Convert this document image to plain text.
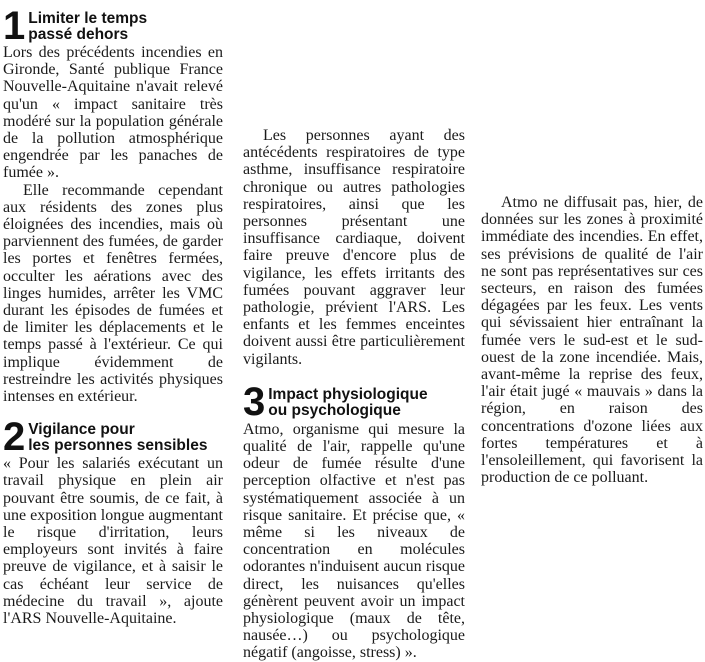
1 Limiter le temps
passé dehors

Lors des précédents incendies en Gironde, Santé publique France Nouvelle-Aquitaine n'avait relevé qu'un « impact sanitaire très modéré sur la population générale de la pollution atmosphérique engendrée par les panaches de fumée ».

Elle recommande cependant aux résidents des zones plus éloignées des incendies, mais où parviennent des fumées, de garder les portes et fenêtres fermées, occulter les aérations avec des linges humides, arrêter les VMC durant les épisodes de fumées et de limiter les déplacements et le temps passé à l'extérieur. Ce qui implique évidemment de restreindre les activités physiques intenses en extérieur.

2 Vigilance pour
les personnes sensibles

« Pour les salariés exécutant un travail physique en plein air pouvant être soumis, de ce fait, à une exposition longue augmentant le risque d'irritation, leurs employeurs sont invités à faire preuve de vigilance, et à saisir le cas échéant leur service de médecine du travail », ajoute l'ARS Nouvelle-Aquitaine.

Les personnes ayant des antécédents respiratoires de type asthme, insuffisance respiratoire chronique ou autres pathologies respiratoires, ainsi que les personnes présentant une insuffisance cardiaque, doivent faire preuve d'encore plus de vigilance, les effets irritants des fumées pouvant aggraver leur pathologie, prévient l'ARS. Les enfants et les femmes enceintes doivent aussi être particulièrement vigilants.

3 Impact physiologique
ou psychologique

Atmo, organisme qui mesure la qualité de l'air, rappelle qu'une odeur de fumée résulte d'une perception olfactive et n'est pas systématiquement associée à un risque sanitaire. Et précise que, « même si les niveaux de concentration en molécules odorantes n'induisent aucun risque direct, les nuisances qu'elles génèrent peuvent avoir un impact physiologique (maux de tête, nausée…) ou psychologique négatif (angoisse, stress) ».

Atmo ne diffusait pas, hier, de données sur les zones à proximité immédiate des incendies. En effet, ses prévisions de qualité de l'air ne sont pas représentatives sur ces secteurs, en raison des fumées dégagées par les feux. Les vents qui sévissaient hier entraînant la fumée vers le sud-est et le sud-ouest de la zone incendiée. Mais, avant-même la reprise des feux, l'air était jugé « mauvais » dans la région, en raison des concentrations d'ozone liées aux fortes températures et à l'ensoleillement, qui favorisent la production de ce polluant.
